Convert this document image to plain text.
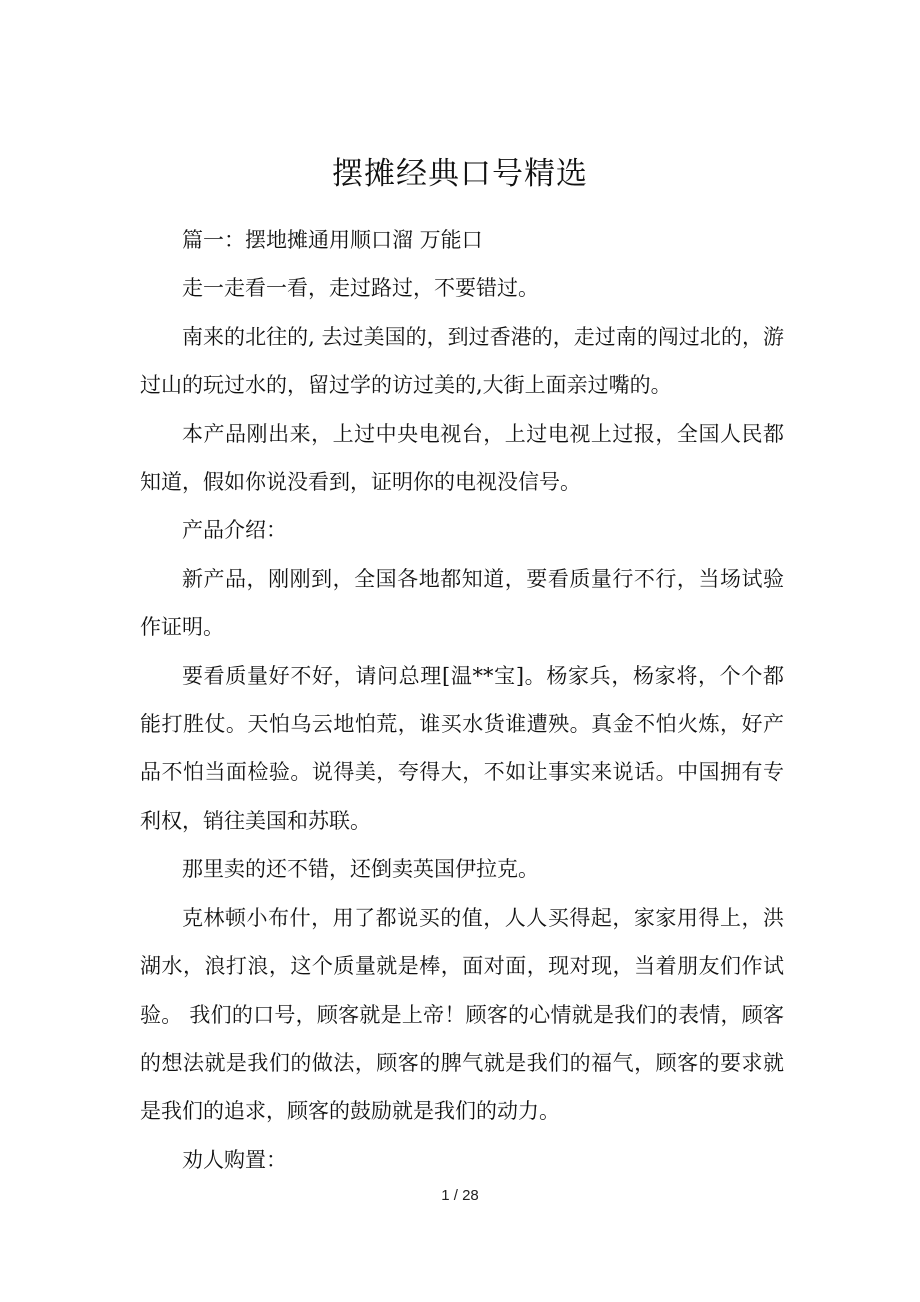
摆摊经典口号精选

篇一：摆地摊通用顺口溜 万能口

走一走看一看，走过路过，不要错过。

南来的北往的, 去过美国的，到过香港的，走过南的闯过北的，游过山的玩过水的，留过学的访过美的,大街上面亲过嘴的。

本产品刚出来，上过中央电视台，上过电视上过报，全国人民都知道，假如你说没看到，证明你的电视没信号。

产品介绍：

新产品，刚刚到，全国各地都知道，要看质量行不行，当场试验作证明。

要看质量好不好，请问总理[温**宝]。杨家兵，杨家将，个个都能打胜仗。天怕乌云地怕荒，谁买水货谁遭殃。真金不怕火炼，好产品不怕当面检验。说得美，夸得大，不如让事实来说话。中国拥有专利权，销往美国和苏联。

那里卖的还不错，还倒卖英国伊拉克。

克林顿小布什，用了都说买的值，人人买得起，家家用得上，洪湖水，浪打浪，这个质量就是棒，面对面，现对现，当着朋友们作试验。 我们的口号，顾客就是上帝！顾客的心情就是我们的表情，顾客的想法就是我们的做法，顾客的脾气就是我们的福气，顾客的要求就是我们的追求，顾客的鼓励就是我们的动力。

劝人购置：

1 / 28
